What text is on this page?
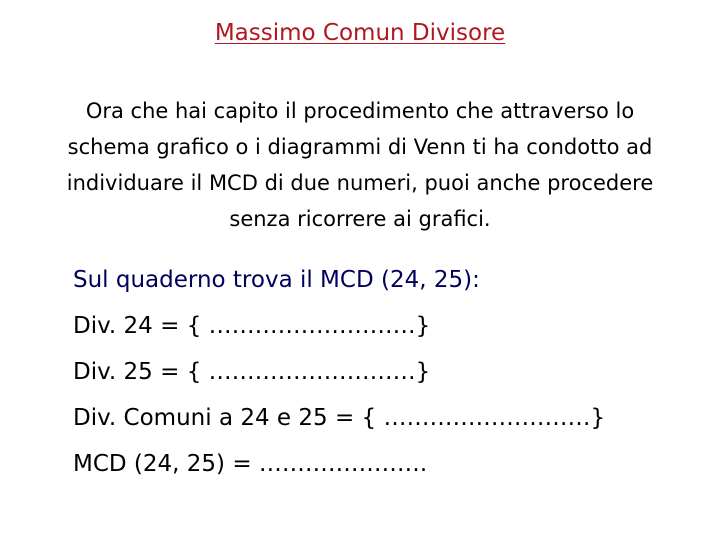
Massimo Comun Divisore
Ora che hai capito il procedimento che attraverso lo
schema grafico o i diagrammi di Venn ti ha condotto ad
individuare il MCD di due numeri, puoi anche procedere
senza ricorrere ai grafici.
Sul quaderno trova il MCD (24, 25):
Div. 24 = { ………………………}
Div. 25 = { ………………………}
Div. Comuni a 24 e 25 = { ………………………}
MCD (24, 25) = ………………….
